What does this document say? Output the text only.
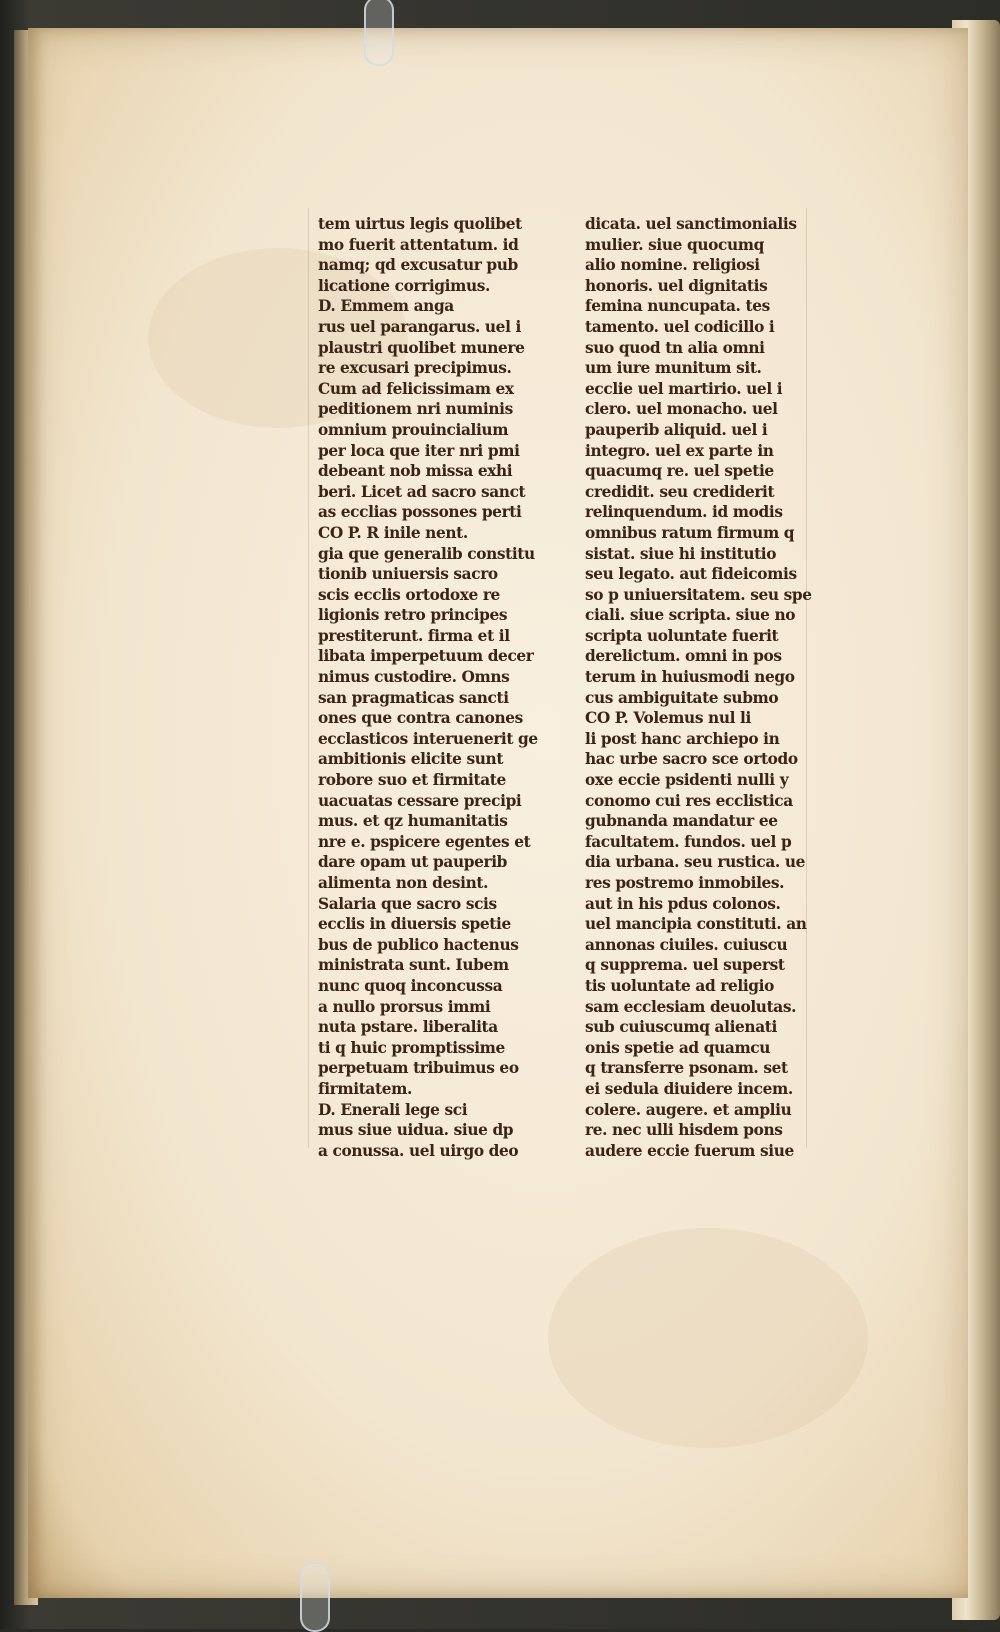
tem uirtus legis quolibet
mo fuerit attentatum. id
namq; qd excusatur pub
licatione corrigimus.
D. Emmem anga
rus uel parangarus. uel i
plaustri quolibet munere
re excusari precipimus.
Cum ad felicissimam ex
peditionem nri numinis
omnium prouincialium
per loca que iter nri pmi
debeant nob missa exhi
beri. Licet ad sacro sanct
as ecclias possones perti
CO P. R inile nent.
gia que generalib constitu
tionib uniuersis sacro
scis ecclis ortodoxe re
ligionis retro principes
prestiterunt. firma et il
libata imperpetuum decer
nimus custodire. Omns
san pragmaticas sancti
ones que contra canones
ecclasticos interuenerit ge
ambitionis elicite sunt
robore suo et firmitate
uacuatas cessare precipi
mus. et qz humanitatis
nre e. pspicere egentes et
dare opam ut pauperib
alimenta non desint.
Salaria que sacro scis
ecclis in diuersis spetie
bus de publico hactenus
ministrata sunt. Iubem
nunc quoq inconcussa
a nullo prorsus immi
nuta pstare. liberalita
ti q huic promptissime
perpetuam tribuimus eo
firmitatem.
D. Enerali lege sci
mus siue uidua. siue dp
a conussa. uel uirgo deo
dicata. uel sanctimonialis
mulier. siue quocumq
alio nomine. religiosi
honoris. uel dignitatis
femina nuncupata. tes
tamento. uel codicillo i
suo quod tn alia omni
um iure munitum sit.
ecclie uel martirio. uel i
clero. uel monacho. uel
pauperib aliquid. uel i
integro. uel ex parte in
quacumq re. uel spetie
credidit. seu crediderit
relinquendum. id modis
omnibus ratum firmum q
sistat. siue hi institutio
seu legato. aut fideicomis
so p uniuersitatem. seu spe
ciali. siue scripta. siue no
scripta uoluntate fuerit
derelictum. omni in pos
terum in huiusmodi nego
cus ambiguitate submo
CO P. Volemus nul li
li post hanc archiepo in
hac urbe sacro sce ortodo
oxe eccie psidenti nulli y
conomo cui res ecclistica
gubnanda mandatur ee
facultatem. fundos. uel p
dia urbana. seu rustica. ue
res postremo inmobiles.
aut in his pdus colonos.
uel mancipia constituti. an
annonas ciuiles. cuiuscu
q supprema. uel superst
tis uoluntate ad religio
sam ecclesiam deuolutas.
sub cuiuscumq alienati
onis spetie ad quamcu
q transferre psonam. set
ei sedula diuidere incem.
colere. augere. et ampliu
re. nec ulli hisdem pons
audere eccie fuerum siue
